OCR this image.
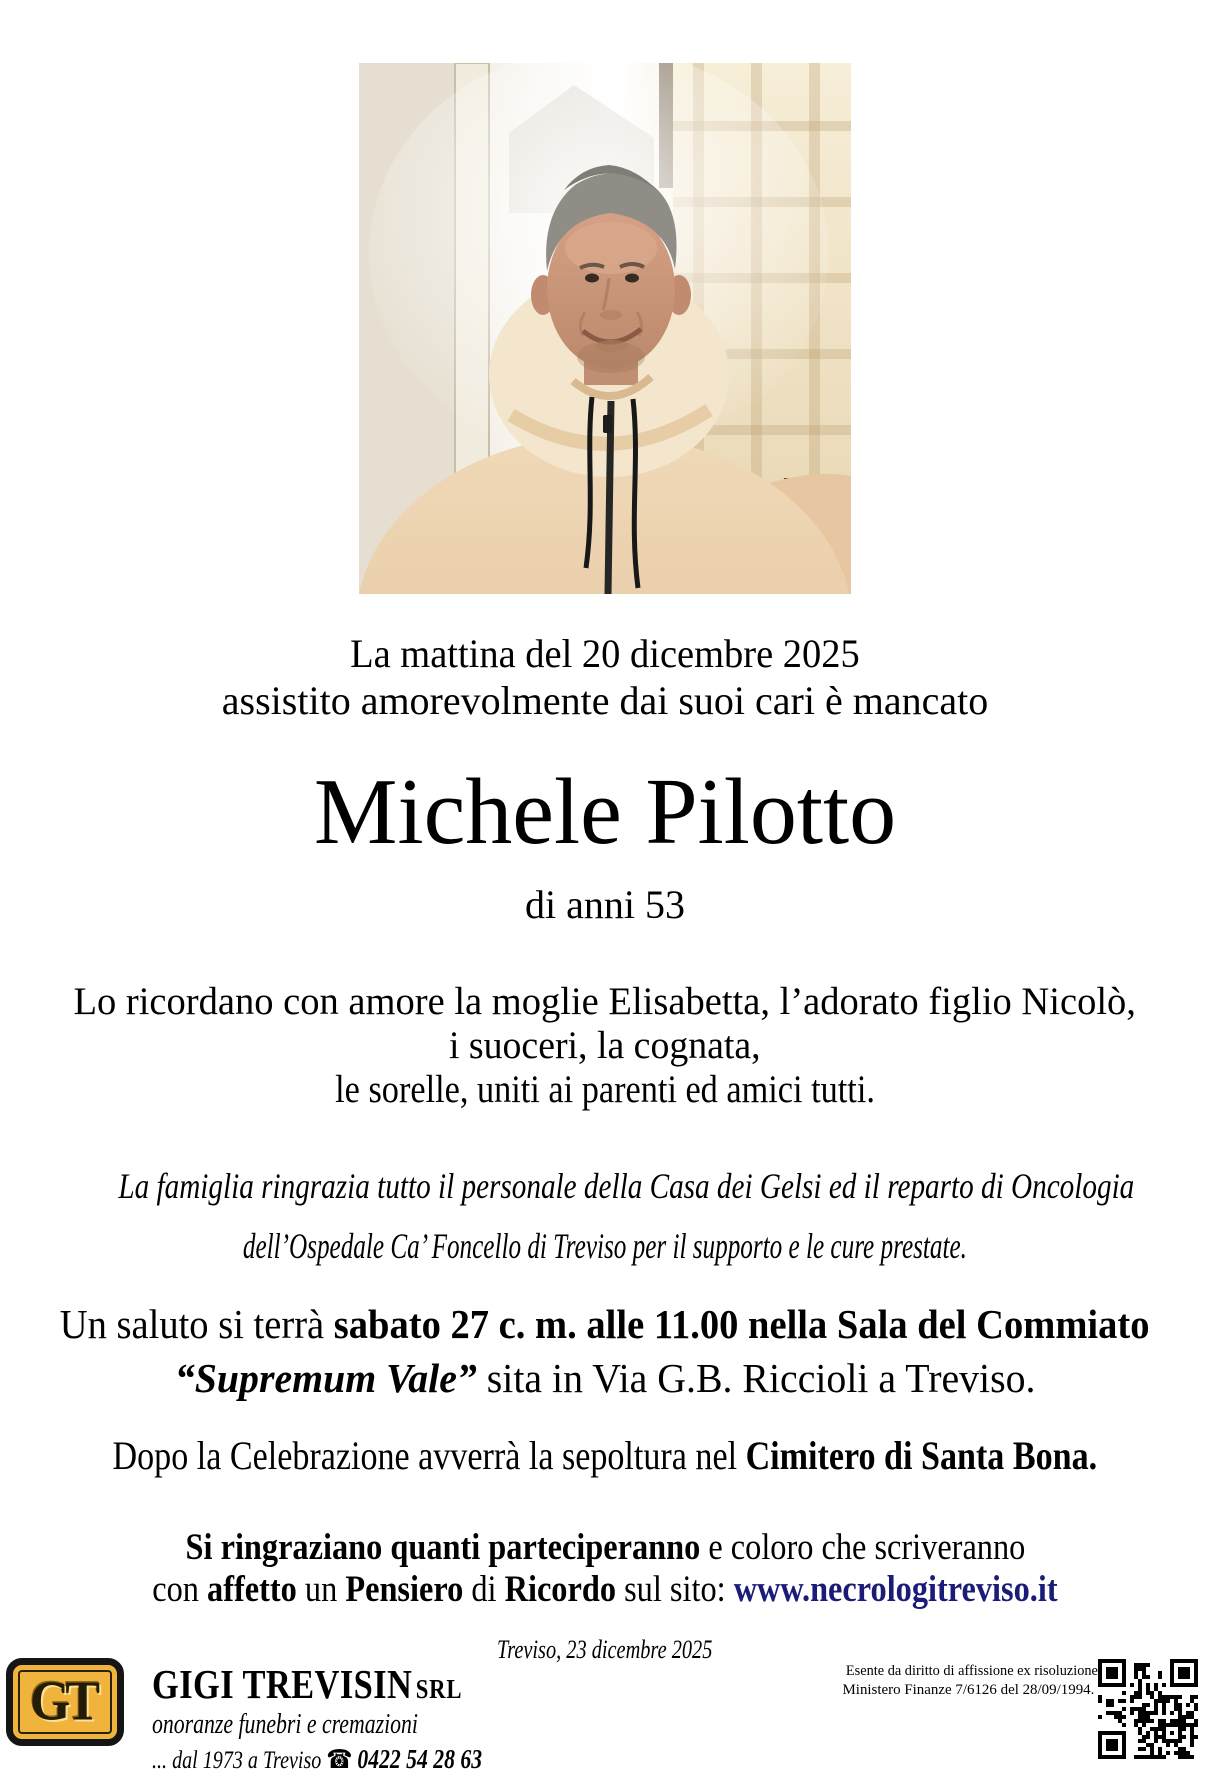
La mattina del 20 dicembre 2025
assistito amorevolmente dai suoi cari è mancato
Michele Pilotto
di anni 53
Lo ricordano con amore la moglie Elisabetta, l’adorato figlio Nicolò,
i suoceri, la cognata,
le sorelle, uniti ai parenti ed amici tutti.
La famiglia ringrazia tutto il personale della Casa dei Gelsi ed il reparto di Oncologia
dell’Ospedale Ca’ Foncello di Treviso per il supporto e le cure prestate.
Un saluto si terrà sabato 27 c. m. alle 11.00 nella Sala del Commiato
“Supremum Vale” sita in Via G.B. Riccioli a Treviso.
Dopo la Celebrazione avverrà la sepoltura nel Cimitero di Santa Bona.
Si ringraziano quanti parteciperanno e coloro che scriveranno
con affetto un Pensiero di Ricordo sul sito: www.necrologitreviso.it
Treviso, 23 dicembre 2025
GT GIGI TREVISIN SRL
onoranze funebri e cremazioni
... dal 1973 a Treviso ☎ 0422 54 28 63
Esente da diritto di affissione ex risoluzione
Ministero Finanze 7/6126 del 28/09/1994.
